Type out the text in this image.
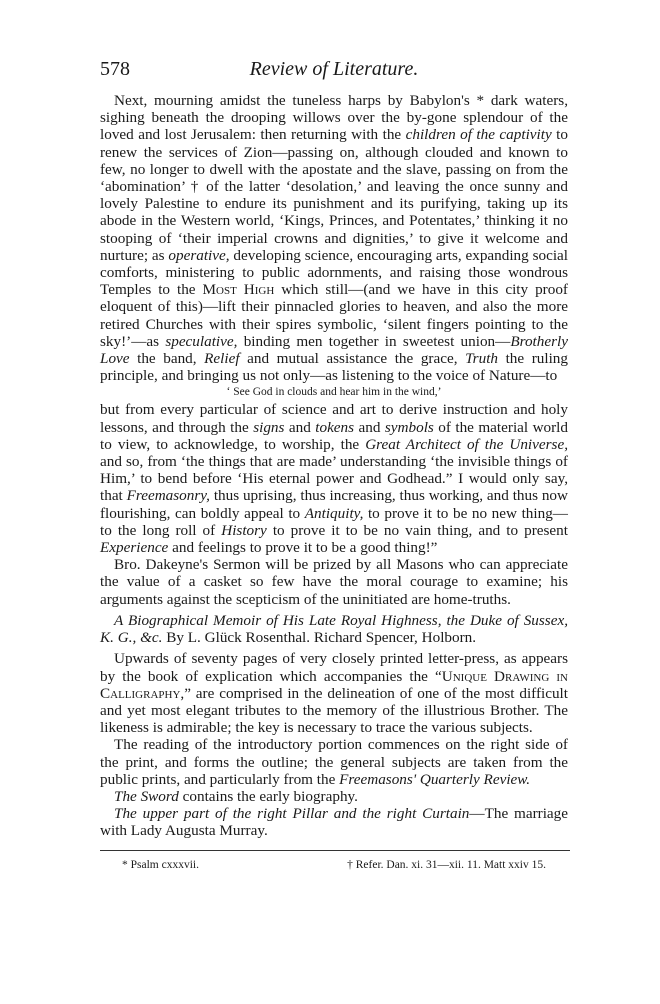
578	Review of Literature.

Next, mourning amidst the tuneless harps by Babylon's * dark waters, sighing beneath the drooping willows over the by-gone splendour of the loved and lost Jerusalem: then returning with the children of the captivity to renew the services of Zion—passing on, although clouded and known to few, no longer to dwell with the apostate and the slave, passing on from the ‘abomination’ † of the latter ‘desolation,’ and leaving the once sunny and lovely Palestine to endure its punishment and its purifying, taking up its abode in the Western world, ‘Kings, Princes, and Potentates,’ thinking it no stooping of ‘their imperial crowns and dignities,’ to give it welcome and nurture; as operative, developing science, encouraging arts, expanding social comforts, ministering to public adornments, and raising those wondrous Temples to the Most High which still—(and we have in this city proof eloquent of this)—lift their pinnacled glories to heaven, and also the more retired Churches with their spires symbolic, ‘silent fingers pointing to the sky!’—as speculative, binding men together in sweetest union—Brotherly Love the band, Relief and mutual assistance the grace, Truth the ruling principle, and bringing us not only—as listening to the voice of Nature—to

‘ See God in clouds and hear him in the wind,’

but from every particular of science and art to derive instruction and holy lessons, and through the signs and tokens and symbols of the material world to view, to acknowledge, to worship, the Great Architect of the Universe, and so, from ‘the things that are made’ understanding ‘the invisible things of Him,’ to bend before ‘His eternal power and Godhead.” I would only say, that Freemasonry, thus uprising, thus increasing, thus working, and thus now flourishing, can boldly appeal to Antiquity, to prove it to be no new thing—to the long roll of History to prove it to be no vain thing, and to present Experience and feelings to prove it to be a good thing!”

Bro. Dakeyne's Sermon will be prized by all Masons who can appreciate the value of a casket so few have the moral courage to examine; his arguments against the scepticism of the uninitiated are home-truths.

A Biographical Memoir of His Late Royal Highness, the Duke of Sussex, K. G., &c. By L. Glück Rosenthal. Richard Spencer, Holborn.

Upwards of seventy pages of very closely printed letter-press, as appears by the book of explication which accompanies the “Unique Drawing in Calligraphy,” are comprised in the delineation of one of the most difficult and yet most elegant tributes to the memory of the illustrious Brother. The likeness is admirable; the key is necessary to trace the various subjects.

The reading of the introductory portion commences on the right side of the print, and forms the outline; the general subjects are taken from the public prints, and particularly from the Freemasons' Quarterly Review.

The Sword contains the early biography.

The upper part of the right Pillar and the right Curtain—The marriage with Lady Augusta Murray.

* Psalm cxxxvii.	† Refer. Dan. xi. 31—xii. 11. Matt xxiv 15.
